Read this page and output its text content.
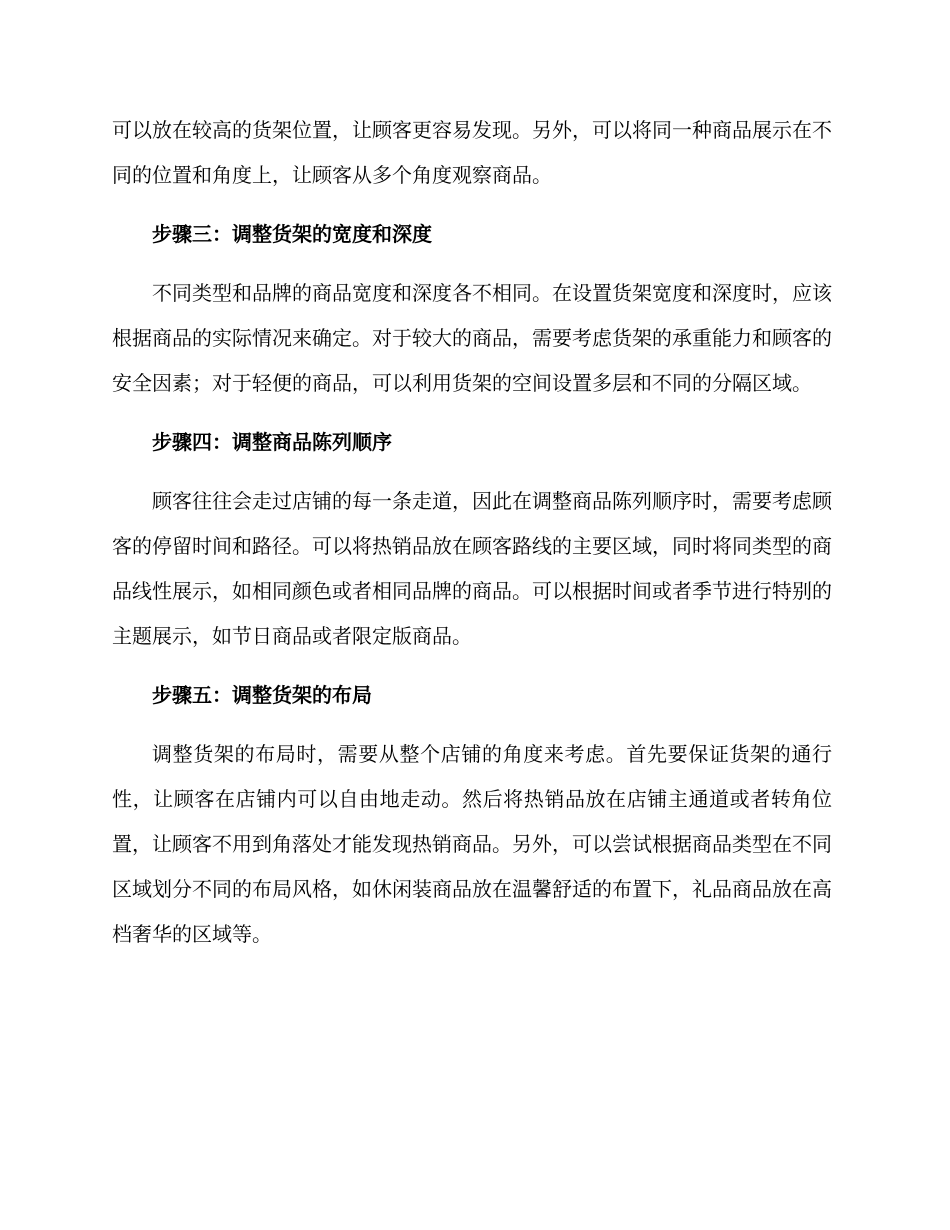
可以放在较高的货架位置，让顾客更容易发现。另外，可以将同一种商品展示在不同的位置和角度上，让顾客从多个角度观察商品。

步骤三：调整货架的宽度和深度

不同类型和品牌的商品宽度和深度各不相同。在设置货架宽度和深度时，应该根据商品的实际情况来确定。对于较大的商品，需要考虑货架的承重能力和顾客的安全因素；对于轻便的商品，可以利用货架的空间设置多层和不同的分隔区域。

步骤四：调整商品陈列顺序

顾客往往会走过店铺的每一条走道，因此在调整商品陈列顺序时，需要考虑顾客的停留时间和路径。可以将热销品放在顾客路线的主要区域，同时将同类型的商品线性展示，如相同颜色或者相同品牌的商品。可以根据时间或者季节进行特别的主题展示，如节日商品或者限定版商品。

步骤五：调整货架的布局

调整货架的布局时，需要从整个店铺的角度来考虑。首先要保证货架的通行性，让顾客在店铺内可以自由地走动。然后将热销品放在店铺主通道或者转角位置，让顾客不用到角落处才能发现热销商品。另外，可以尝试根据商品类型在不同区域划分不同的布局风格，如休闲装商品放在温馨舒适的布置下，礼品商品放在高档奢华的区域等。
